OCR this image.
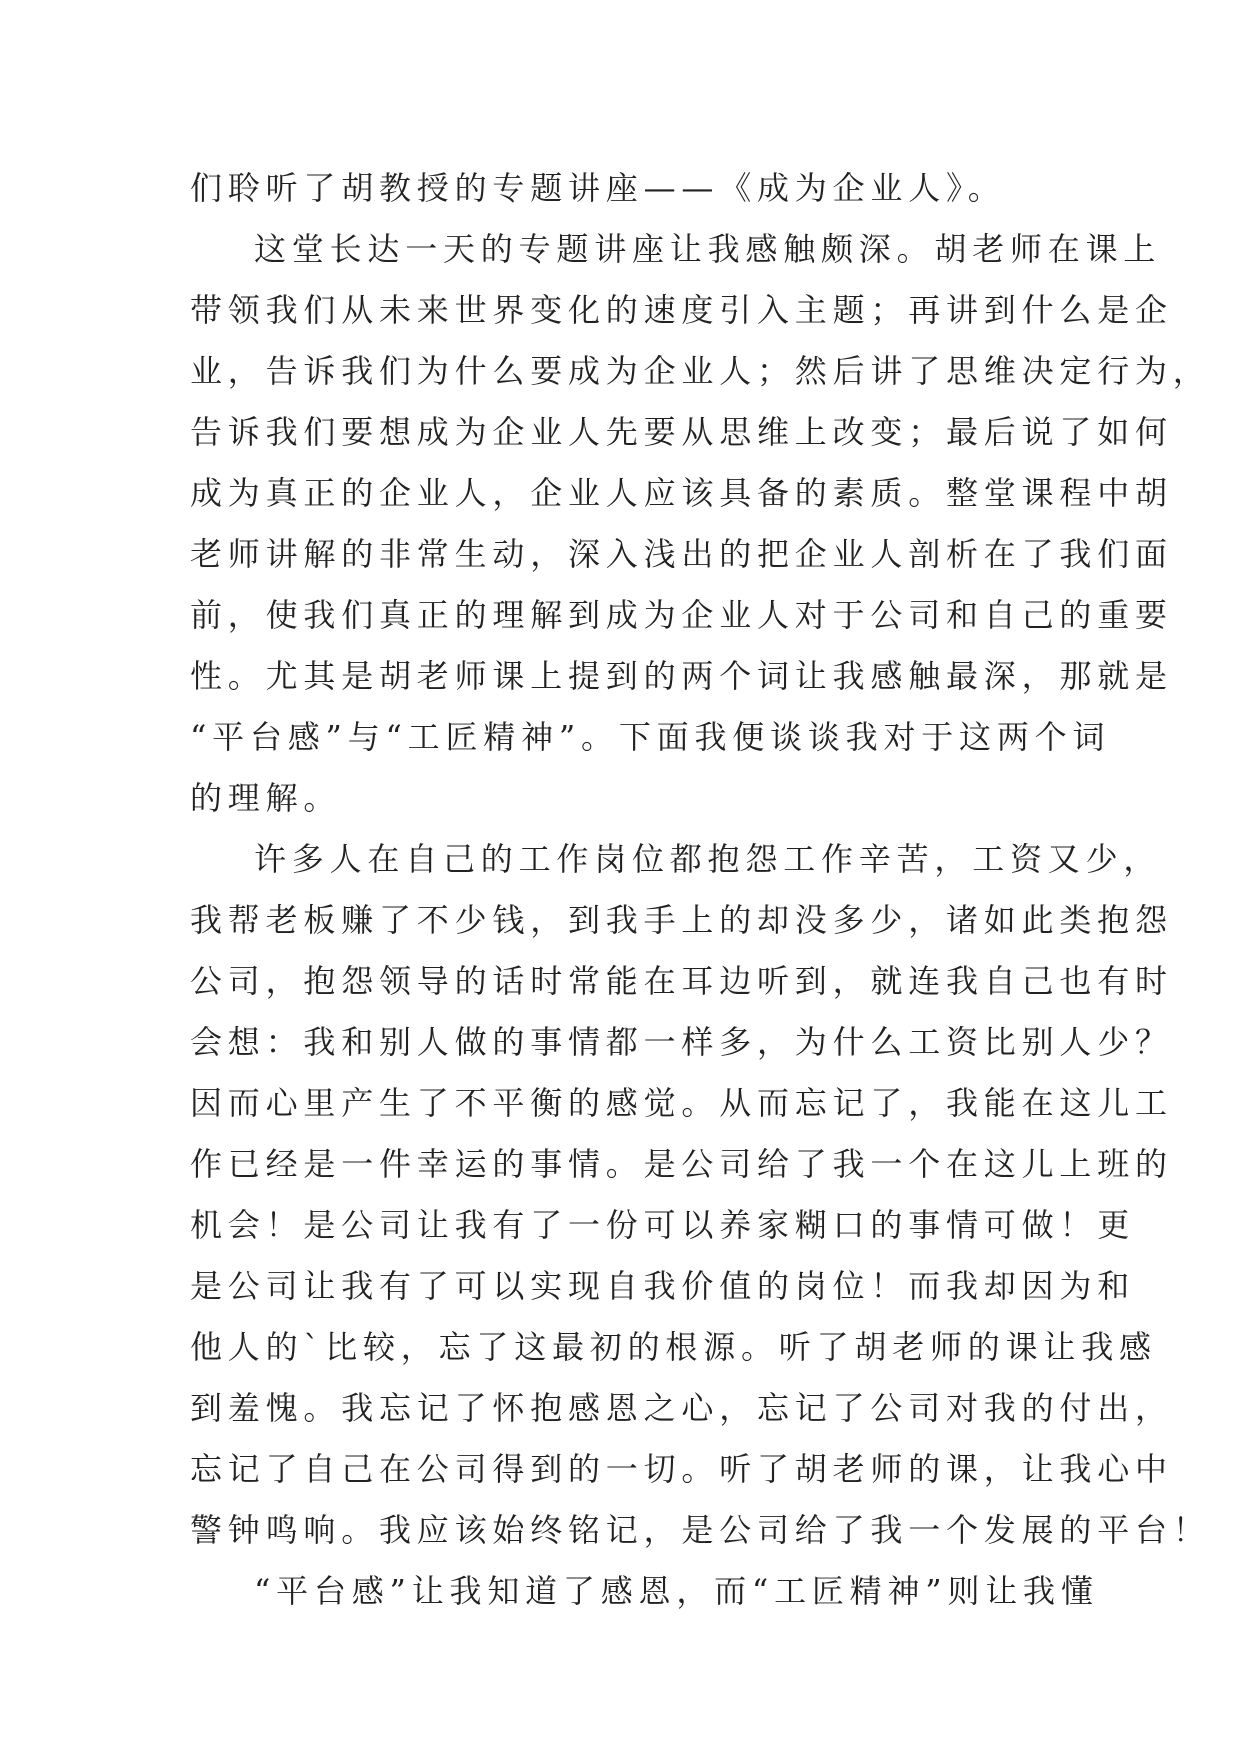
们聆听了胡教授的专题讲座——《成为企业人》。
这堂长达一天的专题讲座让我感触颇深。胡老师在课上
带领我们从未来世界变化的速度引入主题；再讲到什么是企
业，告诉我们为什么要成为企业人；然后讲了思维决定行为，
告诉我们要想成为企业人先要从思维上改变；最后说了如何
成为真正的企业人，企业人应该具备的素质。整堂课程中胡
老师讲解的非常生动，深入浅出的把企业人剖析在了我们面
前，使我们真正的理解到成为企业人对于公司和自己的重要
性。尤其是胡老师课上提到的两个词让我感触最深，那就是
“平台感”与“工匠精神”。下面我便谈谈我对于这两个词
的理解。
许多人在自己的工作岗位都抱怨工作辛苦，工资又少，
我帮老板赚了不少钱，到我手上的却没多少，诸如此类抱怨
公司，抱怨领导的话时常能在耳边听到，就连我自己也有时
会想：我和别人做的事情都一样多，为什么工资比别人少？
因而心里产生了不平衡的感觉。从而忘记了，我能在这儿工
作已经是一件幸运的事情。是公司给了我一个在这儿上班的
机会！是公司让我有了一份可以养家糊口的事情可做！更
是公司让我有了可以实现自我价值的岗位！而我却因为和
他人的`比较，忘了这最初的根源。听了胡老师的课让我感
到羞愧。我忘记了怀抱感恩之心，忘记了公司对我的付出，
忘记了自己在公司得到的一切。听了胡老师的课，让我心中
警钟鸣响。我应该始终铭记，是公司给了我一个发展的平台！
“平台感”让我知道了感恩，而“工匠精神”则让我懂
